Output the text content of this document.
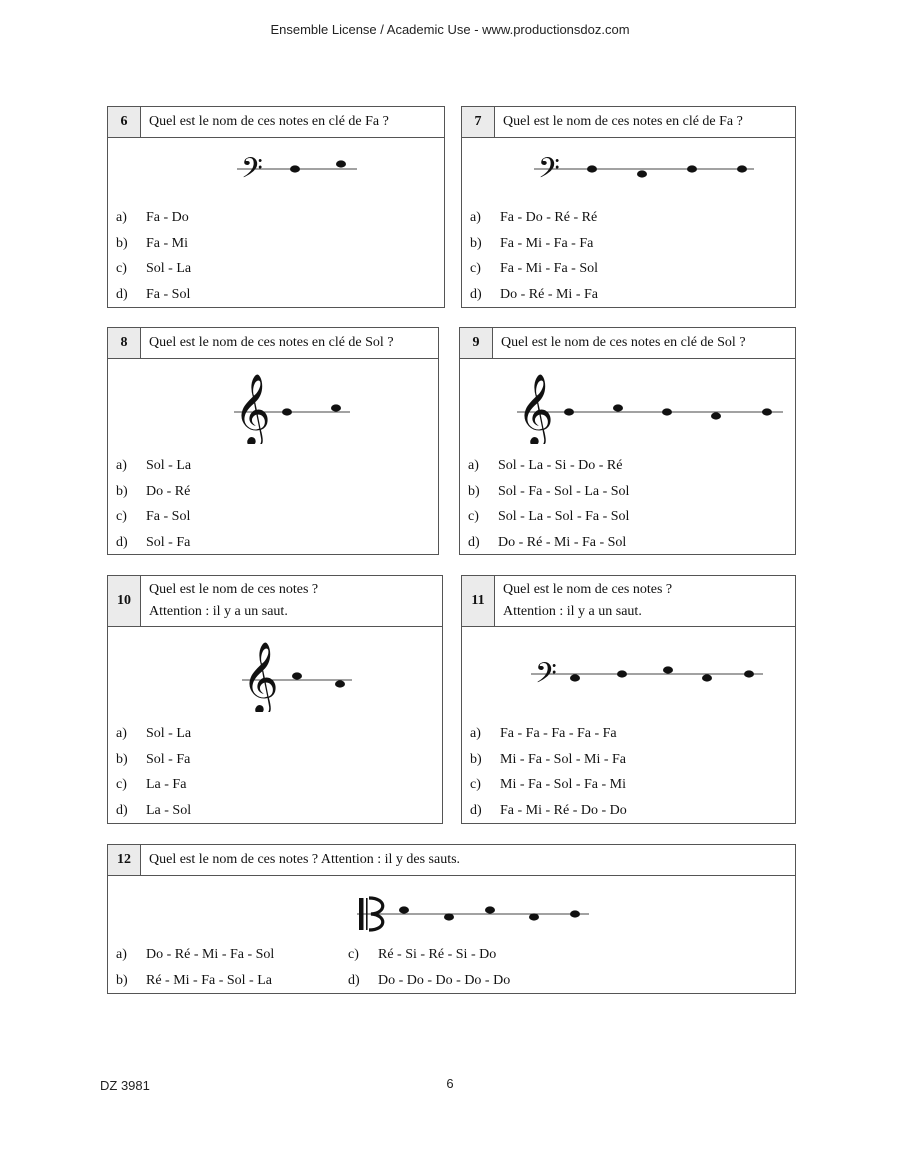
Ensemble License / Academic Use - www.productionsdoz.com
6	Quel est le nom de ces notes en clé de Fa ?
𝄢
a) Fa - Do
b) Fa - Mi
c) Sol - La
d) Fa - Sol
7	Quel est le nom de ces notes en clé de Fa ?
𝄢
a) Fa - Do - Ré - Ré
b) Fa - Mi - Fa - Fa
c) Fa - Mi - Fa - Sol
d) Do - Ré - Mi - Fa
8	Quel est le nom de ces notes en clé de Sol ?
𝄞
a) Sol - La
b) Do - Ré
c) Fa - Sol
d) Sol - Fa
9	Quel est le nom de ces notes en clé de Sol ?
𝄞
a) Sol - La - Si - Do - Ré
b) Sol - Fa - Sol - La - Sol
c) Sol - La - Sol - Fa - Sol
d) Do - Ré - Mi - Fa - Sol
10
Quel est le nom de ces notes ?
Attention : il y a un saut.
𝄞
a) Sol - La
b) Sol - Fa
c) La - Fa
d) La - Sol
11
Quel est le nom de ces notes ?
Attention : il y a un saut.
𝄢
a) Fa - Fa - Fa - Fa - Fa
b) Mi - Fa - Sol - Mi - Fa
c) Mi - Fa - Sol - Fa - Mi
d) Fa - Mi - Ré - Do - Do
12	Quel est le nom de ces notes ? Attention : il y des sauts.
a) Do - Ré - Mi - Fa - Sol	c) Ré - Si - Ré - Si - Do
b) Ré - Mi - Fa - Sol - La	d) Do - Do - Do - Do - Do
DZ 3981	6
